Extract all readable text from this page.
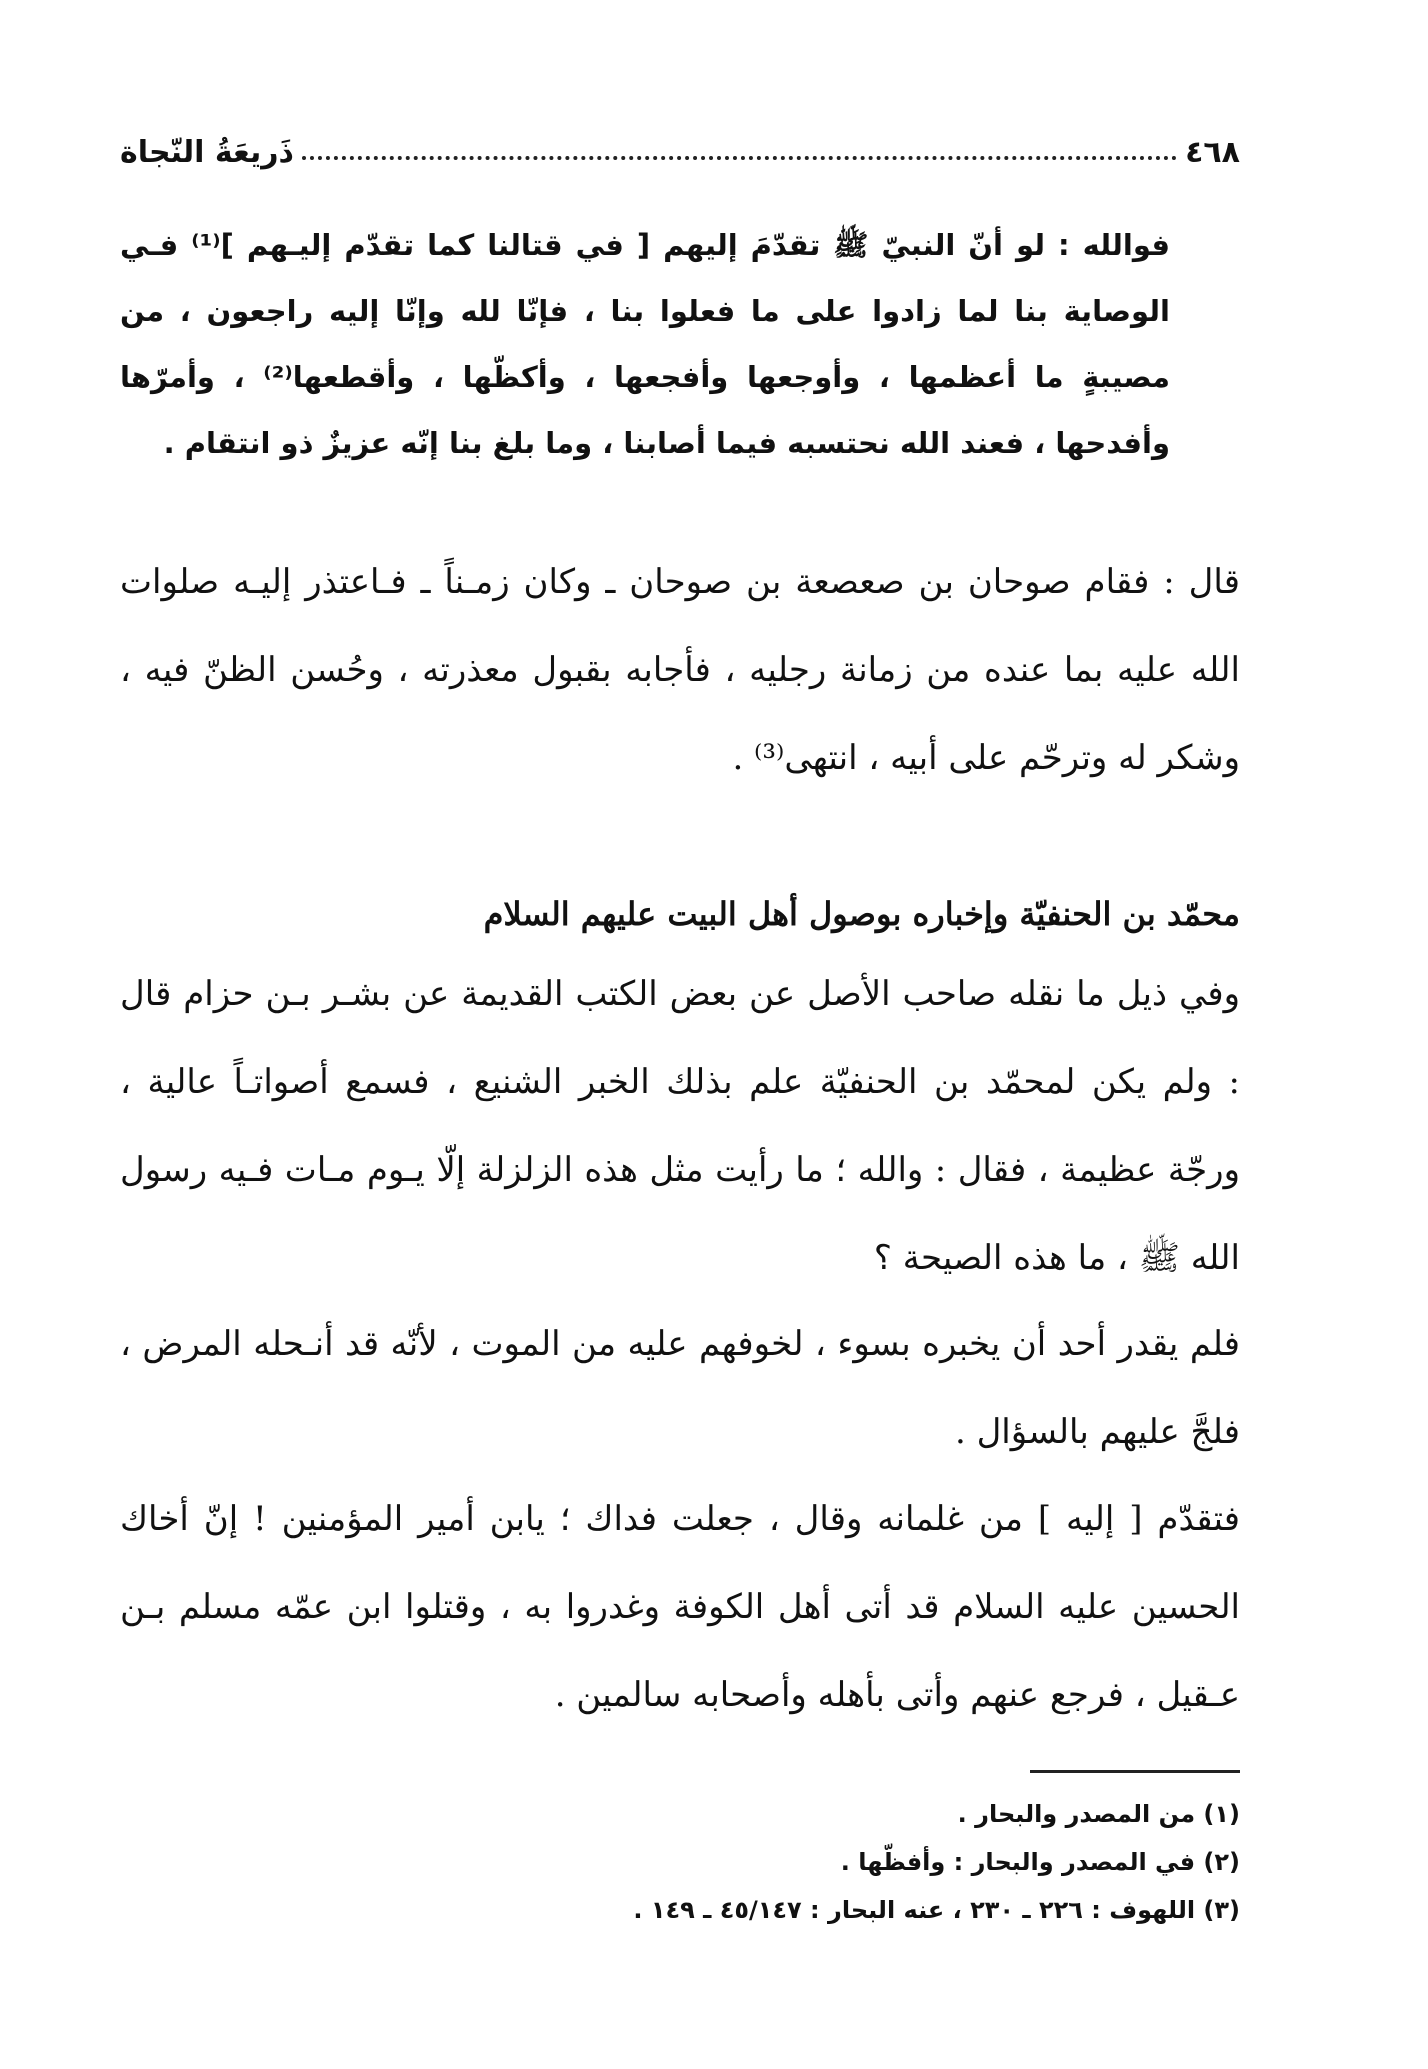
٤٦٨
ذَريعَةُ النّجاة
فوالله : لو أنّ النبيّ ﷺ تقدّمَ إليهم [ في قتالنا كما تقدّم إليـهم ]⁽¹⁾ فـي الوصاية بنا لما زادوا على ما فعلوا بنا ، فإنّا لله وإنّا إليه راجعون ، من مصيبةٍ ما أعظمها ، وأوجعها وأفجعها ، وأكظّها ، وأقطعها⁽²⁾ ، وأمرّها وأفدحها ، فعند الله نحتسبه فيما أصابنا ، وما بلغ بنا إنّه عزيزٌ ذو انتقام .
قال : فقام صوحان بن صعصعة بن صوحان ـ وكان زمـناً ـ فـاعتذر إليـه صلوات الله عليه بما عنده من زمانة رجليه ، فأجابه بقبول معذرته ، وحُسن الظنّ فيه ، وشكر له وترحّم على أبيه ، انتهى⁽³⁾ .
محمّد بن الحنفيّة وإخباره بوصول أهل البيت عليهم السلام
وفي ذيل ما نقله صاحب الأصل عن بعض الكتب القديمة عن بشـر بـن حزام قال : ولم يكن لمحمّد بن الحنفيّة علم بذلك الخبر الشنيع ، فسمع أصواتـاً عالية ، ورجّة عظيمة ، فقال : والله ؛ ما رأيت مثل هذه الزلزلة إلّا يـوم مـات فـيه رسول الله ﷺ ، ما هذه الصيحة ؟
فلم يقدر أحد أن يخبره بسوء ، لخوفهم عليه من الموت ، لأنّه قد أنـحله المرض ، فلجَّ عليهم بالسؤال .
فتقدّم [ إليه ] من غلمانه وقال ، جعلت فداك ؛ يابن أمير المؤمنين ! إنّ أخاك الحسين عليه السلام قد أتى أهل الكوفة وغدروا به ، وقتلوا ابن عمّه مسلم بـن عـقيل ، فرجع عنهم وأتى بأهله وأصحابه سالمين .
(١) من المصدر والبحار .
(٢) في المصدر والبحار : وأفظّها .
(٣) اللهوف : ٢٢٦ ـ ٢٣٠ ، عنه البحار : ٤٥/١٤٧ ـ ١٤٩ .
